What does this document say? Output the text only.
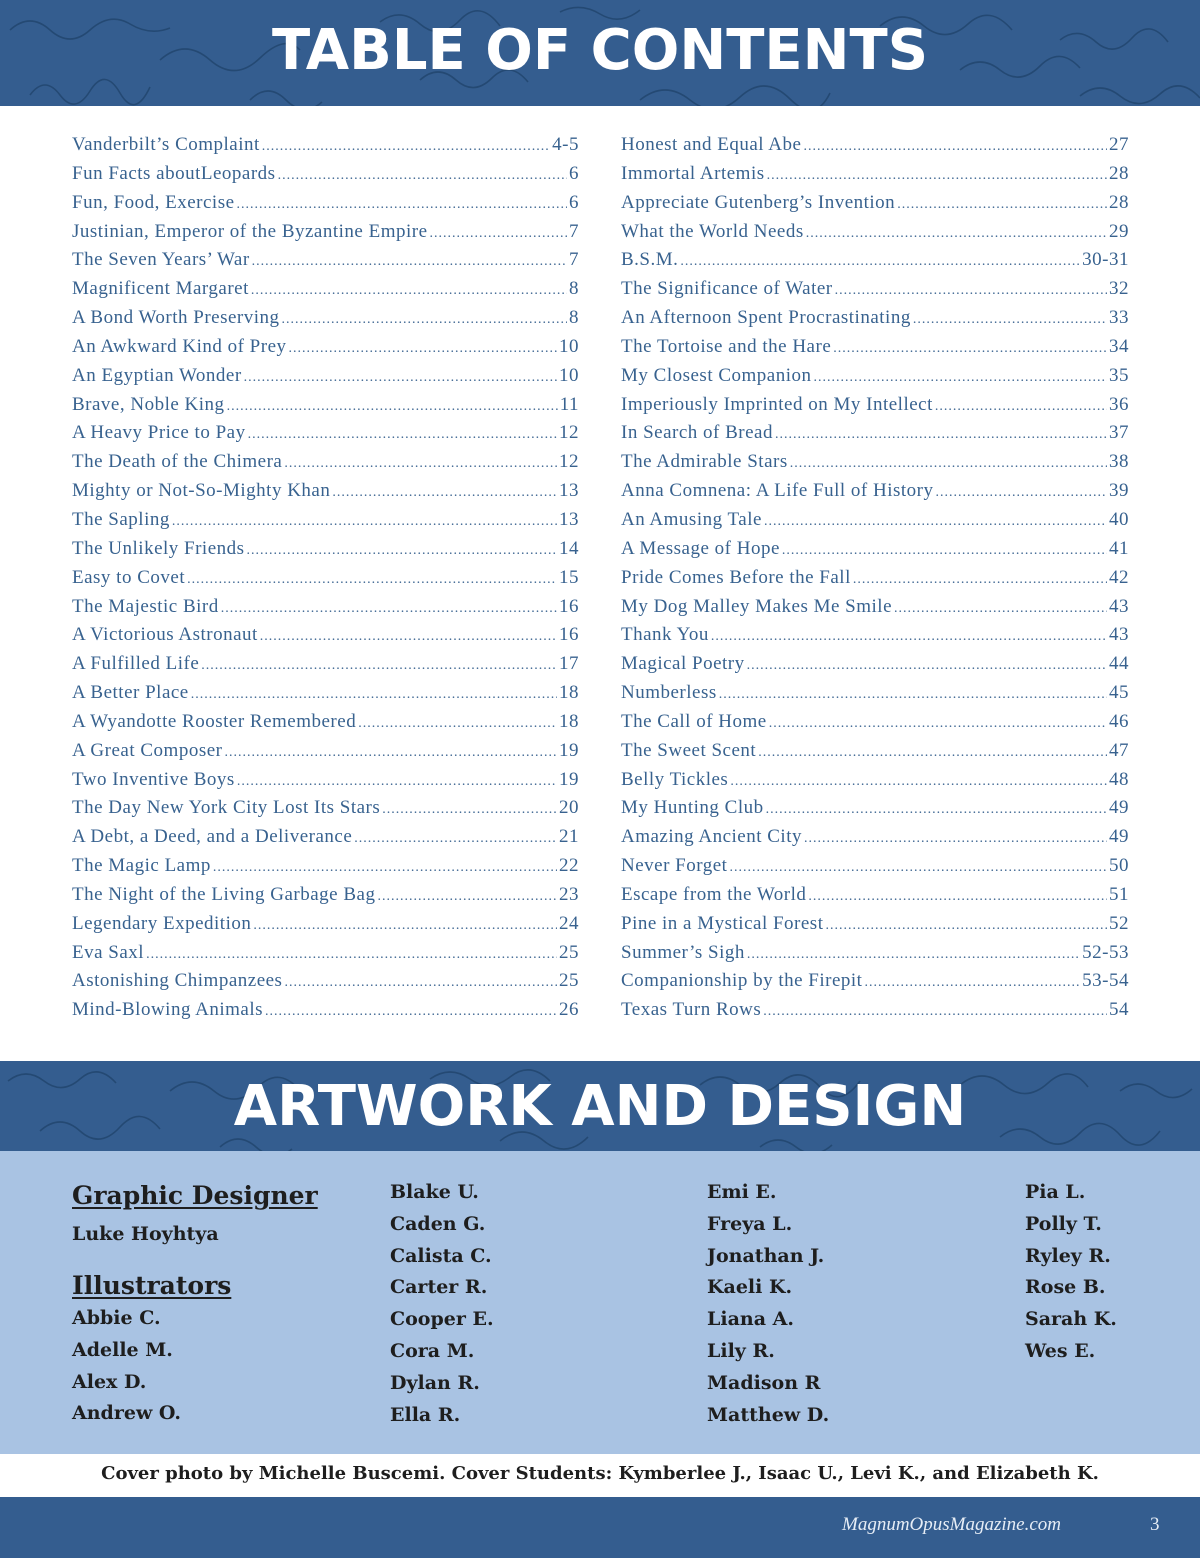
TABLE OF CONTENTS
Vanderbilt’s Complaint .....	4-5
Fun Facts aboutLeopards .....	6
Fun, Food, Exercise .....	6
Justinian, Emperor of the Byzantine Empire .....	7
The Seven Years’ War .....	7
Magnificent Margaret .....	8
A Bond Worth Preserving .....	8
An Awkward Kind of Prey .....	10
An Egyptian Wonder .....	10
Brave, Noble King .....	11
A Heavy Price to Pay .....	12
The Death of the Chimera .....	12
Mighty or Not-So-Mighty Khan .....	13
The Sapling .....	13
The Unlikely Friends .....	14
Easy to Covet .....	15
The Majestic Bird .....	16
A Victorious Astronaut .....	16
A Fulfilled Life .....	17
A Better Place .....	18
A Wyandotte Rooster Remembered .....	18
A Great Composer .....	19
Two Inventive Boys .....	19
The Day New York City Lost Its Stars .....	20
A Debt, a Deed, and a Deliverance .....	21
The Magic Lamp .....	22
The Night of the Living Garbage Bag .....	23
Legendary Expedition .....	24
Eva Saxl .....	25
Astonishing Chimpanzees .....	25
Mind-Blowing Animals .....	26
Honest and Equal Abe .....	27
Immortal Artemis .....	28
Appreciate Gutenberg’s Invention .....	28
What the World Needs .....	29
B.S.M. .....	30-31
The Significance of Water .....	32
An Afternoon Spent Procrastinating .....	33
The Tortoise and the Hare .....	34
My Closest Companion .....	35
Imperiously Imprinted on My Intellect .....	36
In Search of Bread .....	37
The Admirable Stars .....	38
Anna Comnena: A Life Full of History .....	39
An Amusing Tale .....	40
A Message of Hope .....	41
Pride Comes Before the Fall .....	42
My Dog Malley Makes Me Smile .....	43
Thank You .....	43
Magical Poetry .....	44
Numberless .....	45
The Call of Home .....	46
The Sweet Scent .....	47
Belly Tickles .....	48
My Hunting Club .....	49
Amazing Ancient City .....	49
Never Forget .....	50
Escape from the World .....	51
Pine in a Mystical Forest .....	52
Summer’s Sigh .....	52-53
Companionship by the Firepit .....	53-54
Texas Turn Rows .....	54
ARTWORK AND DESIGN
Graphic Designer
Luke Hoyhtya
Illustrators
Abbie C.
Adelle M.
Alex D.
Andrew O.
Blake U.
Caden G.
Calista C.
Carter R.
Cooper E.
Cora M.
Dylan R.
Ella R.
Emi E.
Freya L.
Jonathan J.
Kaeli K.
Liana A.
Lily R.
Madison R
Matthew D.
Pia L.
Polly T.
Ryley R.
Rose B.
Sarah K.
Wes E.
Cover photo by Michelle Buscemi. Cover Students: Kymberlee J., Isaac U., Levi K., and Elizabeth K.
MagnumOpusMagazine.com	3
